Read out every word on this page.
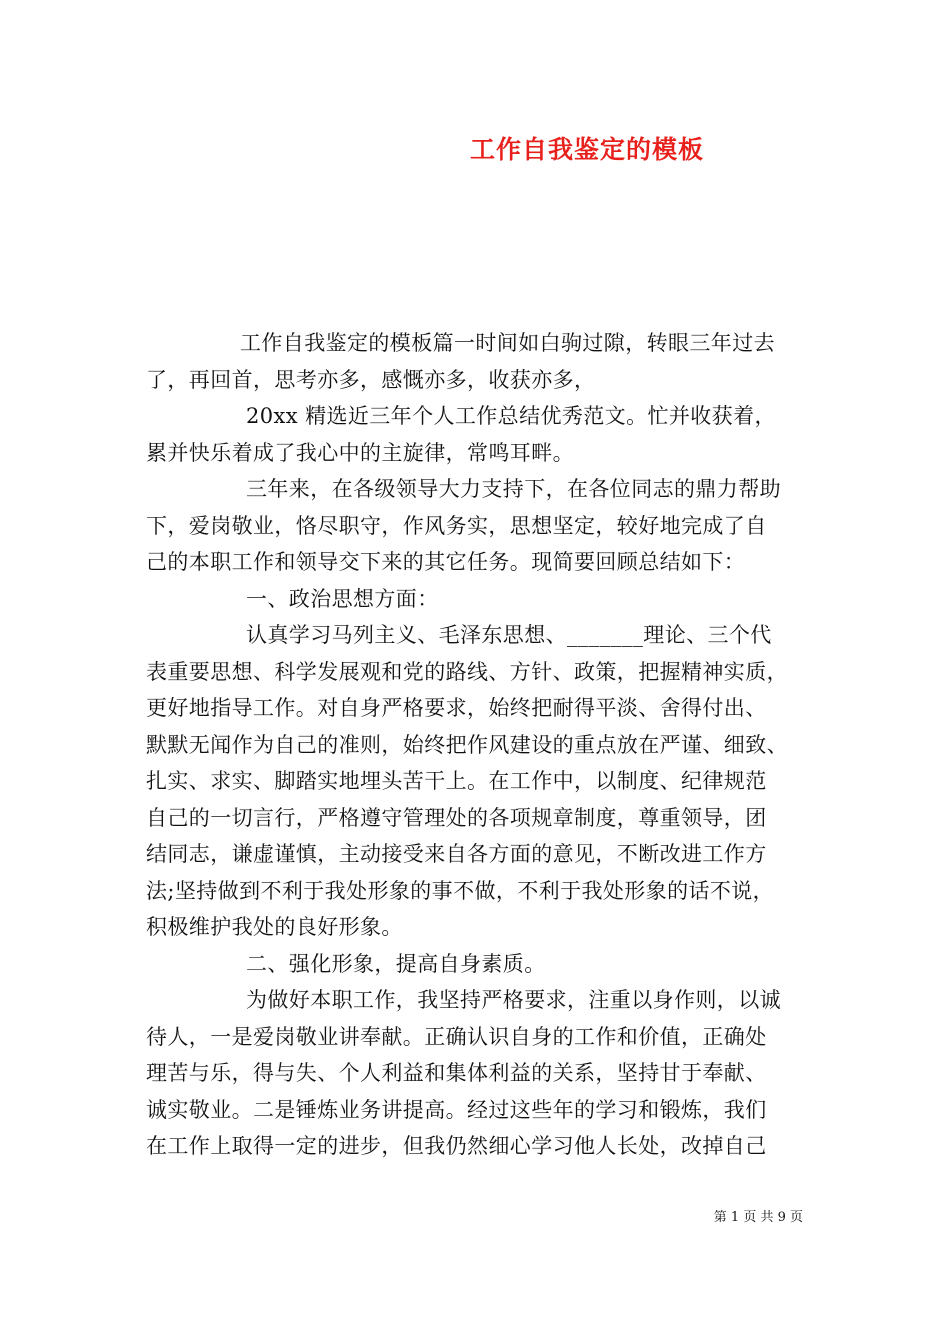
工作自我鉴定的模板
工作自我鉴定的模板篇一时间如白驹过隙，转眼三年过去
了，再回首，思考亦多，感慨亦多，收获亦多，
20xx 精选近三年个人工作总结优秀范文。忙并收获着，
累并快乐着成了我心中的主旋律，常鸣耳畔。
三年来，在各级领导大力支持下，在各位同志的鼎力帮助
下，爱岗敬业，恪尽职守，作风务实，思想坚定，较好地完成了自
己的本职工作和领导交下来的其它任务。现简要回顾总结如下：
一、政治思想方面：
认真学习马列主义、毛泽东思想、_______理论、三个代
表重要思想、科学发展观和党的路线、方针、政策，把握精神实质，
更好地指导工作。对自身严格要求，始终把耐得平淡、舍得付出、
默默无闻作为自己的准则，始终把作风建设的重点放在严谨、细致、
扎实、求实、脚踏实地埋头苦干上。在工作中，以制度、纪律规范
自己的一切言行，严格遵守管理处的各项规章制度，尊重领导，团
结同志，谦虚谨慎，主动接受来自各方面的意见，不断改进工作方
法;坚持做到不利于我处形象的事不做，不利于我处形象的话不说，
积极维护我处的良好形象。
二、强化形象，提高自身素质。
为做好本职工作，我坚持严格要求，注重以身作则，以诚
待人，一是爱岗敬业讲奉献。正确认识自身的工作和价值，正确处
理苦与乐，得与失、个人利益和集体利益的关系，坚持甘于奉献、
诚实敬业。二是锤炼业务讲提高。经过这些年的学习和锻炼，我们
在工作上取得一定的进步，但我仍然细心学习他人长处，改掉自己
第 1 页 共 9 页
